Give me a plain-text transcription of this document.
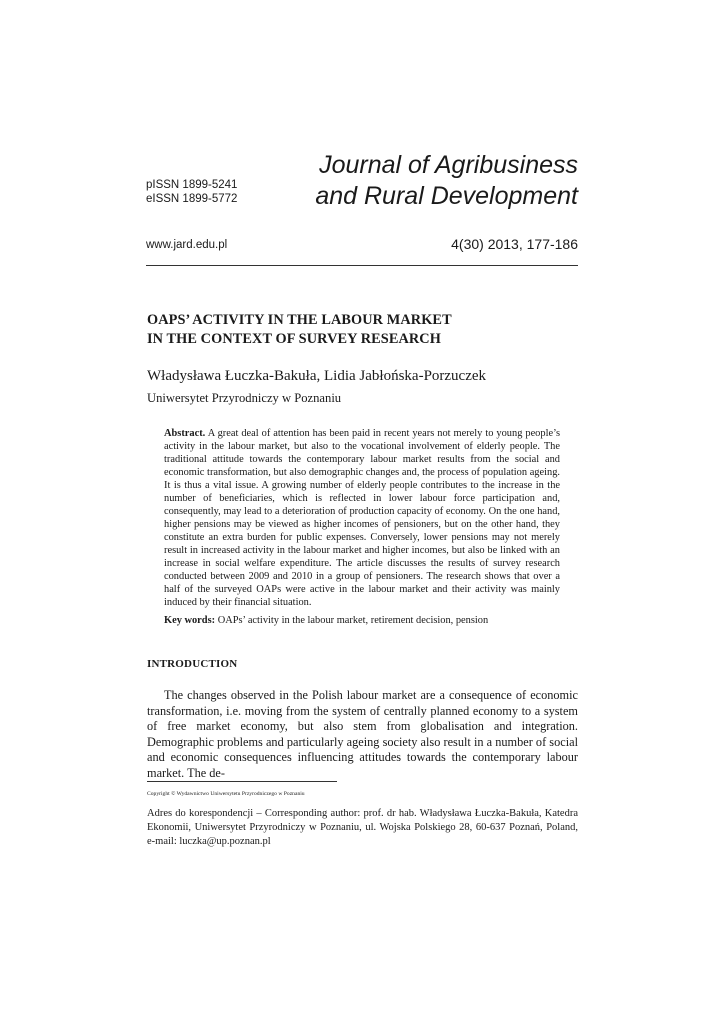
pISSN 1899-5241
eISSN 1899-5772
Journal of Agribusiness
and Rural Development
www.jard.edu.pl	4(30) 2013, 177-186
OAPS’ ACTIVITY IN THE LABOUR MARKET
IN THE CONTEXT OF SURVEY RESEARCH
Władysława Łuczka-Bakuła, Lidia Jabłońska-Porzuczek
Uniwersytet Przyrodniczy w Poznaniu
Abstract. A great deal of attention has been paid in recent years not merely to young people’s activity in the labour market, but also to the vocational involvement of elderly people. The traditional attitude towards the contemporary labour market results from the social and economic transformation, but also demographic changes and, the process of population ageing. It is thus a vital issue. A growing number of elderly people contributes to the increase in the number of beneficiaries, which is reflected in lower labour force participation and, consequently, may lead to a deterioration of production capacity of economy. On the one hand, higher pensions may be viewed as higher incomes of pensioners, but on the other hand, they constitute an extra burden for public expenses. Conversely, lower pensions may not merely result in increased activity in the labour market and higher incomes, but also be linked with an increase in social welfare expenditure. The article discusses the results of survey research conducted between 2009 and 2010 in a group of pensioners. The research shows that over a half of the surveyed OAPs were active in the labour market and their activity was mainly induced by their financial situation.
Key words: OAPs’ activity in the labour market, retirement decision, pension
INTRODUCTION
The changes observed in the Polish labour market are a consequence of economic transformation, i.e. moving from the system of centrally planned economy to a system of free market economy, but also stem from globalisation and integration. Demographic problems and particularly ageing society also result in a number of social and economic consequences influencing attitudes towards the contemporary labour market. The de-
Copyright © Wydawnictwo Uniwersytetu Przyrodniczego w Poznaniu
Adres do korespondencji – Corresponding author: prof. dr hab. Władysława Łuczka-Bakuła, Katedra Ekonomii, Uniwersytet Przyrodniczy w Poznaniu, ul. Wojska Polskiego 28, 60-637 Poznań, Poland, e-mail: luczka@up.poznan.pl
